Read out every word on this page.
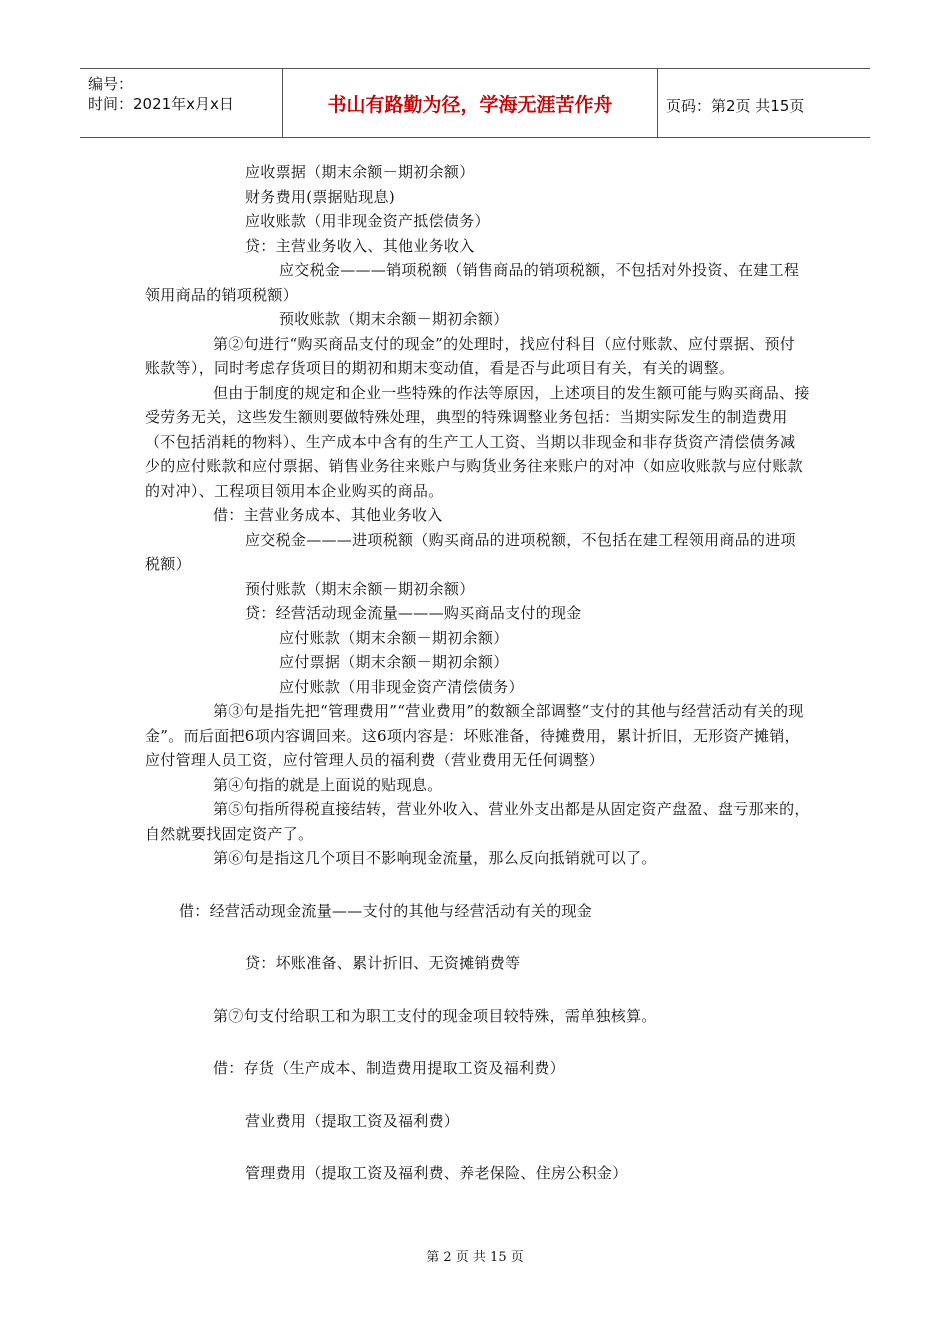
编号：
时间：2021年x月x日	书山有路勤为径，学海无涯苦作舟	页码：第2页 共15页

应收票据（期末余额－期初余额）

财务费用(票据贴现息)

应收账款（用非现金资产抵偿债务）

贷：主营业务收入、其他业务收入

应交税金———销项税额（销售商品的销项税额，不包括对外投资、在建工程领用商品的销项税额）

预收账款（期末余额－期初余额）

第②句进行“购买商品支付的现金”的处理时，找应付科目（应付账款、应付票据、预付账款等），同时考虑存货项目的期初和期末变动值，看是否与此项目有关，有关的调整。

但由于制度的规定和企业一些特殊的作法等原因，上述项目的发生额可能与购买商品、接受劳务无关，这些发生额则要做特殊处理，典型的特殊调整业务包括：当期实际发生的制造费用（不包括消耗的物料）、生产成本中含有的生产工人工资、当期以非现金和非存货资产清偿债务减少的应付账款和应付票据、销售业务往来账户与购货业务往来账户的对冲（如应收账款与应付账款的对冲）、工程项目领用本企业购买的商品。

借：主营业务成本、其他业务收入

应交税金———进项税额（购买商品的进项税额，不包括在建工程领用商品的进项税额）

预付账款（期末余额－期初余额）

贷：经营活动现金流量———购买商品支付的现金

应付账款（期末余额－期初余额）

应付票据（期末余额－期初余额）

应付账款（用非现金资产清偿债务）

第③句是指先把“管理费用”“营业费用”的数额全部调整“支付的其他与经营活动有关的现金”。而后面把6项内容调回来。这6项内容是：坏账准备，待摊费用，累计折旧，无形资产摊销，应付管理人员工资，应付管理人员的福利费（营业费用无任何调整）

第④句指的就是上面说的贴现息。

第⑤句指所得税直接结转，营业外收入、营业外支出都是从固定资产盘盈、盘亏那来的，自然就要找固定资产了。

第⑥句是指这几个项目不影响现金流量，那么反向抵销就可以了。

借：经营活动现金流量——支付的其他与经营活动有关的现金

贷：坏账准备、累计折旧、无资摊销费等

第⑦句支付给职工和为职工支付的现金项目较特殊，需单独核算。

借：存货（生产成本、制造费用提取工资及福利费）

营业费用（提取工资及福利费）

管理费用（提取工资及福利费、养老保险、住房公积金）

第 2 页 共 15 页
